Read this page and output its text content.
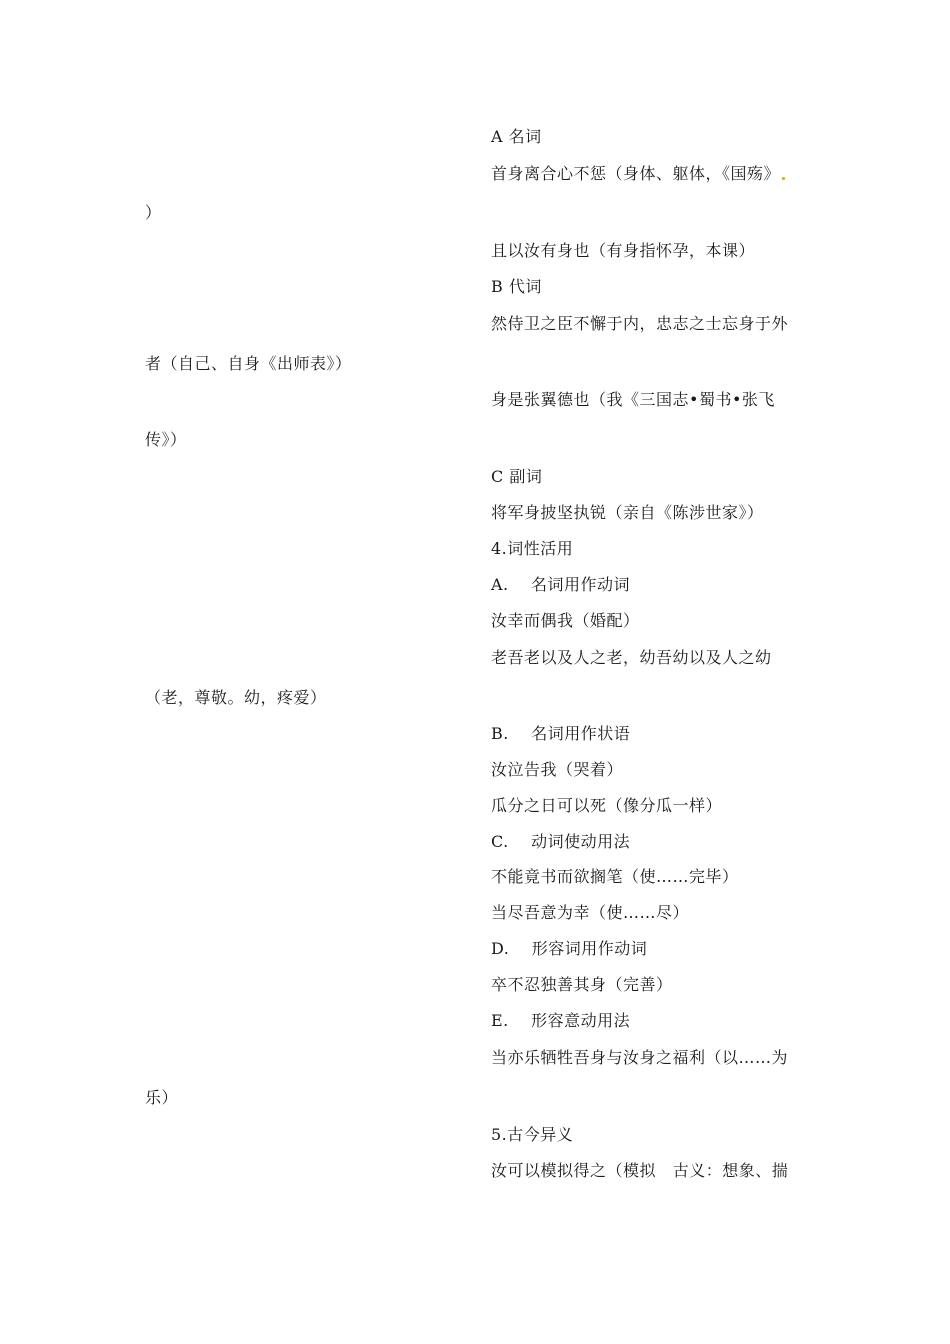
A 名词
首身离合心不惩（身体、躯体，《国殇》
）
且以汝有身也（有身指怀孕，本课）
B 代词
然侍卫之臣不懈于内，忠志之士忘身于外
者（自己、自身《出师表》）
身是张翼德也（我《三国志•蜀书•张飞
传》）
C 副词
将军身披坚执锐（亲自《陈涉世家》）
4.词性活用
A.    名词用作动词
汝幸而偶我（婚配）
老吾老以及人之老，幼吾幼以及人之幼
（老，尊敬。幼，疼爱）
B.    名词用作状语
汝泣告我（哭着）
瓜分之日可以死（像分瓜一样）
C.    动词使动用法
不能竟书而欲搁笔（使……完毕）
当尽吾意为幸（使……尽）
D.    形容词用作动词
卒不忍独善其身（完善）
E.    形容意动用法
当亦乐牺牲吾身与汝身之福利（以……为
乐）
5.古今异义
汝可以模拟得之（模拟   古义：想象、揣
